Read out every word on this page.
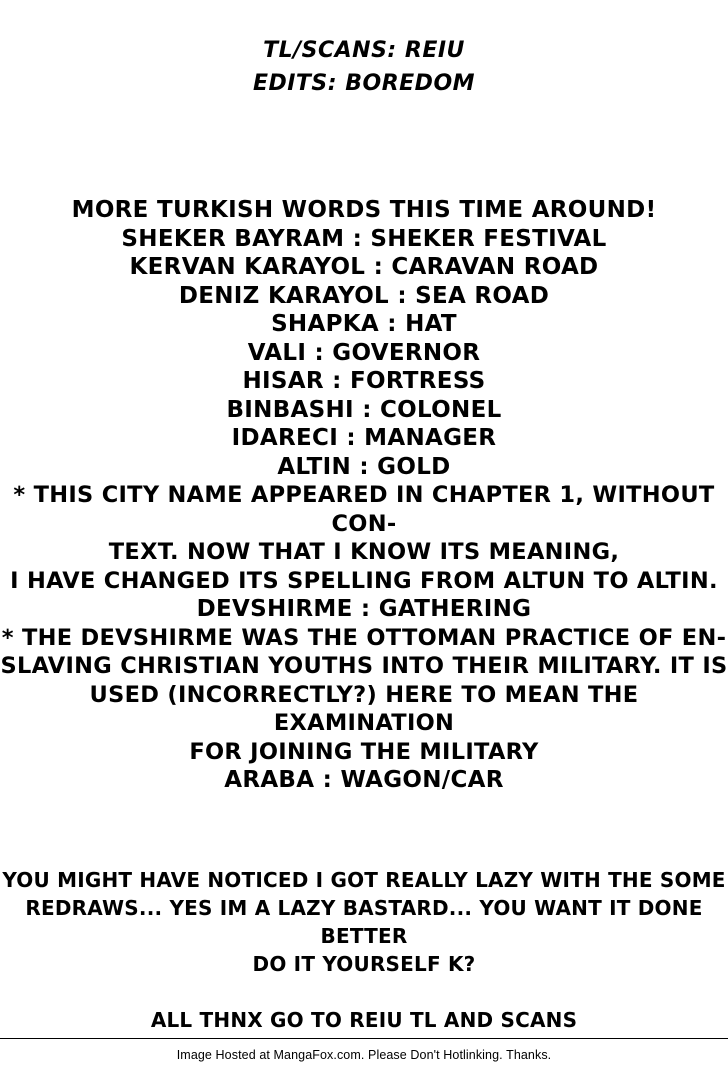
TL/SCANS: REIU
EDITS: BOREDOM
MORE TURKISH WORDS THIS TIME AROUND!
SHEKER BAYRAM : SHEKER FESTIVAL
KERVAN KARAYOL : CARAVAN ROAD
DENIZ KARAYOL : SEA ROAD
SHAPKA : HAT
VALI : GOVERNOR
HISAR : FORTRESS
BINBASHI : COLONEL
IDARECI : MANAGER
ALTIN : GOLD
* THIS CITY NAME APPEARED IN CHAPTER 1, WITHOUT CON-
TEXT. NOW THAT I KNOW ITS MEANING,
I HAVE CHANGED ITS SPELLING FROM ALTUN TO ALTIN.
DEVSHIRME : GATHERING
* THE DEVSHIRME WAS THE OTTOMAN PRACTICE OF EN-
SLAVING CHRISTIAN YOUTHS INTO THEIR MILITARY. IT IS
USED (INCORRECTLY?) HERE TO MEAN THE EXAMINATION
FOR JOINING THE MILITARY
ARABA : WAGON/CAR
YOU MIGHT HAVE NOTICED I GOT REALLY LAZY WITH THE SOME
REDRAWS... YES IM A LAZY BASTARD... YOU WANT IT DONE BETTER
DO IT YOURSELF K?
ALL THNX GO TO REIU TL AND SCANS
Image Hosted at MangaFox.com. Please Don't Hotlinking. Thanks.
